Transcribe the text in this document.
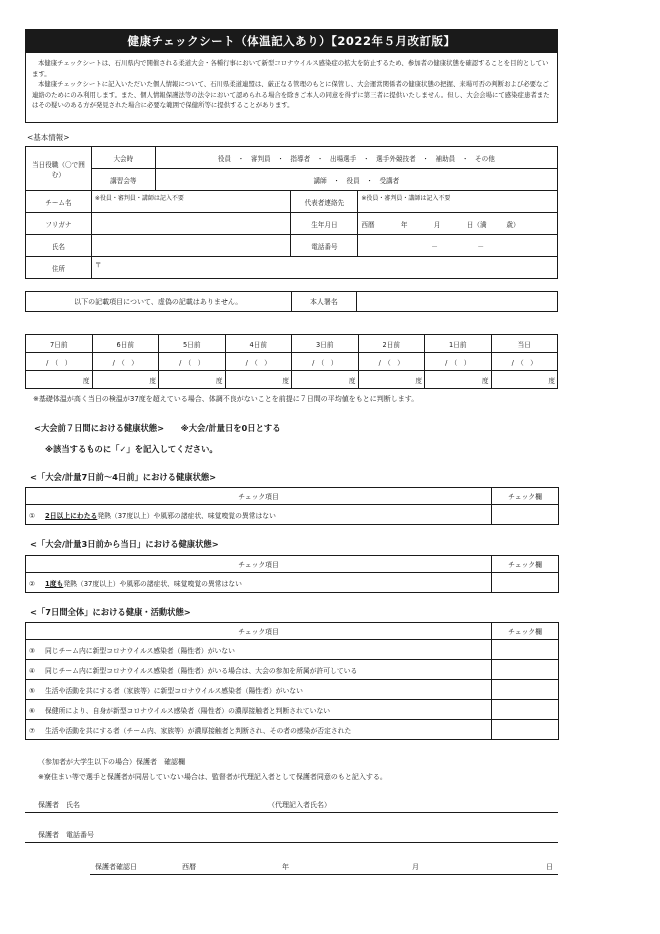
健康チェックシート（体温記入あり）【2022年５月改訂版】

本健康チェックシートは、石川県内で開催される柔道大会・各種行事において新型コロナウイルス感染症の拡大を防止するため、参加者の健康状態を確認することを目的としています。

本健康チェックシートに記入いただいた個人情報について、石川県柔道連盟は、厳正なる管理のもとに保管し、大会運営関係者の健康状態の把握、来場可否の判断および必要なご連絡のためにのみ利用します。また、個人情報保護法等の法令において認められる場合を除きご本人の同意を得ずに第三者に提供いたしません。但し、大会会場にて感染症患者またはその疑いのある方が発見された場合に必要な範囲で保健所等に提供することがあります。

<基本情報>
当日役職（〇で囲む）	大会時	役員　・　審判員　・　指導者　・　出場選手　・　選手外競技者　・　補助員　・　その他		
	講習会等	講師　・　役員　・　受講者		
チーム名	※役員・審判員・講師は記入不要		代表者連絡先	※役員・審判員・講師は記入不要
フリガナ			生年月日	西暦　　　　年　　　　月　　　　日（満　　　歳）
氏名			電話番号	－　　　　　　－
住所	〒			
以下の記載項目について、虚偽の記載はありません。	本人署名	
7日前	6日前	5日前	4日前	3日前	2日前	1日前	当日
/　（　）	/　（　）	/　（　）	/　（　）	/　（　）	/　（　）	/　（　）	/　（　）
度	度	度	度	度	度	度	度
※基礎体温が高く当日の検温が37度を超えている場合、体調不良がないことを前提に７日間の平均値をもとに判断します。
<大会前７日間における健康状態>　　※大会/計量日を0日とする
※該当するものに「✓」を記入してください。
<「大会/計量7日前～4日前」における健康状態>
チェック項目	チェック欄
① 2日以上にわたる発熱（37度以上）や風邪の諸症状、味覚嗅覚の異常はない	
<「大会/計量3日前から当日」における健康状態>
チェック項目	チェック欄
② 1度も発熱（37度以上）や風邪の諸症状、味覚嗅覚の異常はない	
<「7日間全体」における健康・活動状態>
チェック項目	チェック欄
③ 同じチーム内に新型コロナウイルス感染者（陽性者）がいない	
④ 同じチーム内に新型コロナウイルス感染者（陽性者）がいる場合は、大会の参加を所属が許可している	
⑤ 生活や活動を共にする者（家族等）に新型コロナウイルス感染者（陽性者）がいない	
⑥ 保健所により、自身が新型コロナウイルス感染者（陽性者）の濃厚接触者と判断されていない	
⑦ 生活や活動を共にする者（チーム内、家族等）が濃厚接触者と判断され、その者の感染が否定された	
（参加者が大学生以下の場合）保護者　確認欄
※寮住まい等で選手と保護者が同居していない場合は、監督者が代理記入者として保護者同意のもと記入する。
保護者　氏名	（代理記入者氏名）
保護者　電話番号
保護者確認日	西暦	年	月	日
